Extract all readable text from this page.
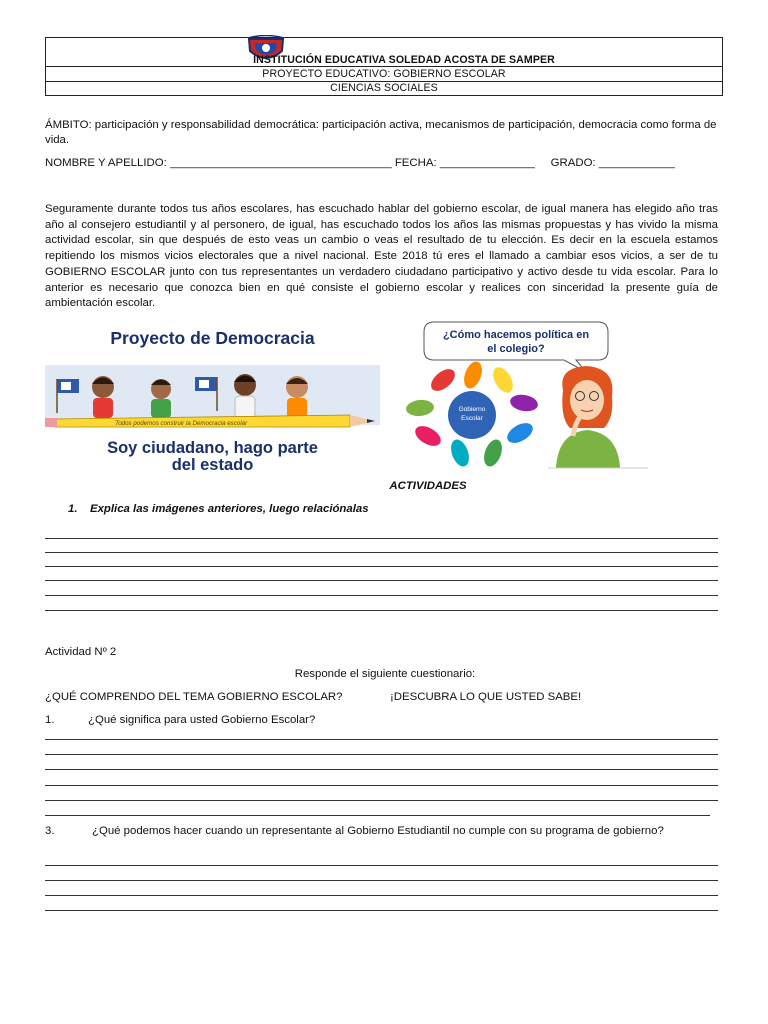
INSTITUCIÓN EDUCATIVA SOLEDAD ACOSTA DE SAMPER
PROYECTO EDUCATIVO: GOBIERNO ESCOLAR
CIENCIAS SOCIALES
ÁMBITO: participación y responsabilidad democrática: participación activa, mecanismos de participación, democracia como forma de vida.
NOMBRE Y APELLIDO: ___________________________________ FECHA: _______________ GRADO: ____________
Seguramente durante todos tus años escolares, has escuchado hablar del gobierno escolar, de igual manera has elegido año tras año al consejero estudiantil y al personero, de igual, has escuchado todos los años las mismas propuestas y has vivido la misma actividad escolar, sin que después de esto veas un cambio o veas el resultado de tu elección. Es decir en la escuela estamos repitiendo los mismos vicios electorales que a nivel nacional. Este 2018 tú eres el llamado a cambiar esos vicios, a ser de tu GOBIERNO ESCOLAR junto con tus representantes un verdadero ciudadano participativo y activo desde tu vida escolar. Para lo anterior es necesario que conozca bien en qué consiste el gobierno escolar y realices con sinceridad la presente guía de ambientación escolar.
Proyecto de Democracia
Todos podemos construir la Democracia escolar
Soy ciudadano, hago parte
del estado
¿Cómo hacemos política en
el colegio?
Gobierno
Escolar
ACTIVIDADES
1. Explica las imágenes anteriores, luego relaciónalas
Actividad Nº 2
Responde el siguiente cuestionario:
¿QUÉ COMPRENDO DEL TEMA GOBIERNO ESCOLAR?	¡DESCUBRA LO QUE USTED SABE!
1.	¿Qué significa para usted Gobierno Escolar?
3.	¿Qué podemos hacer cuando un representante al Gobierno Estudiantil no cumple con su programa de gobierno?
